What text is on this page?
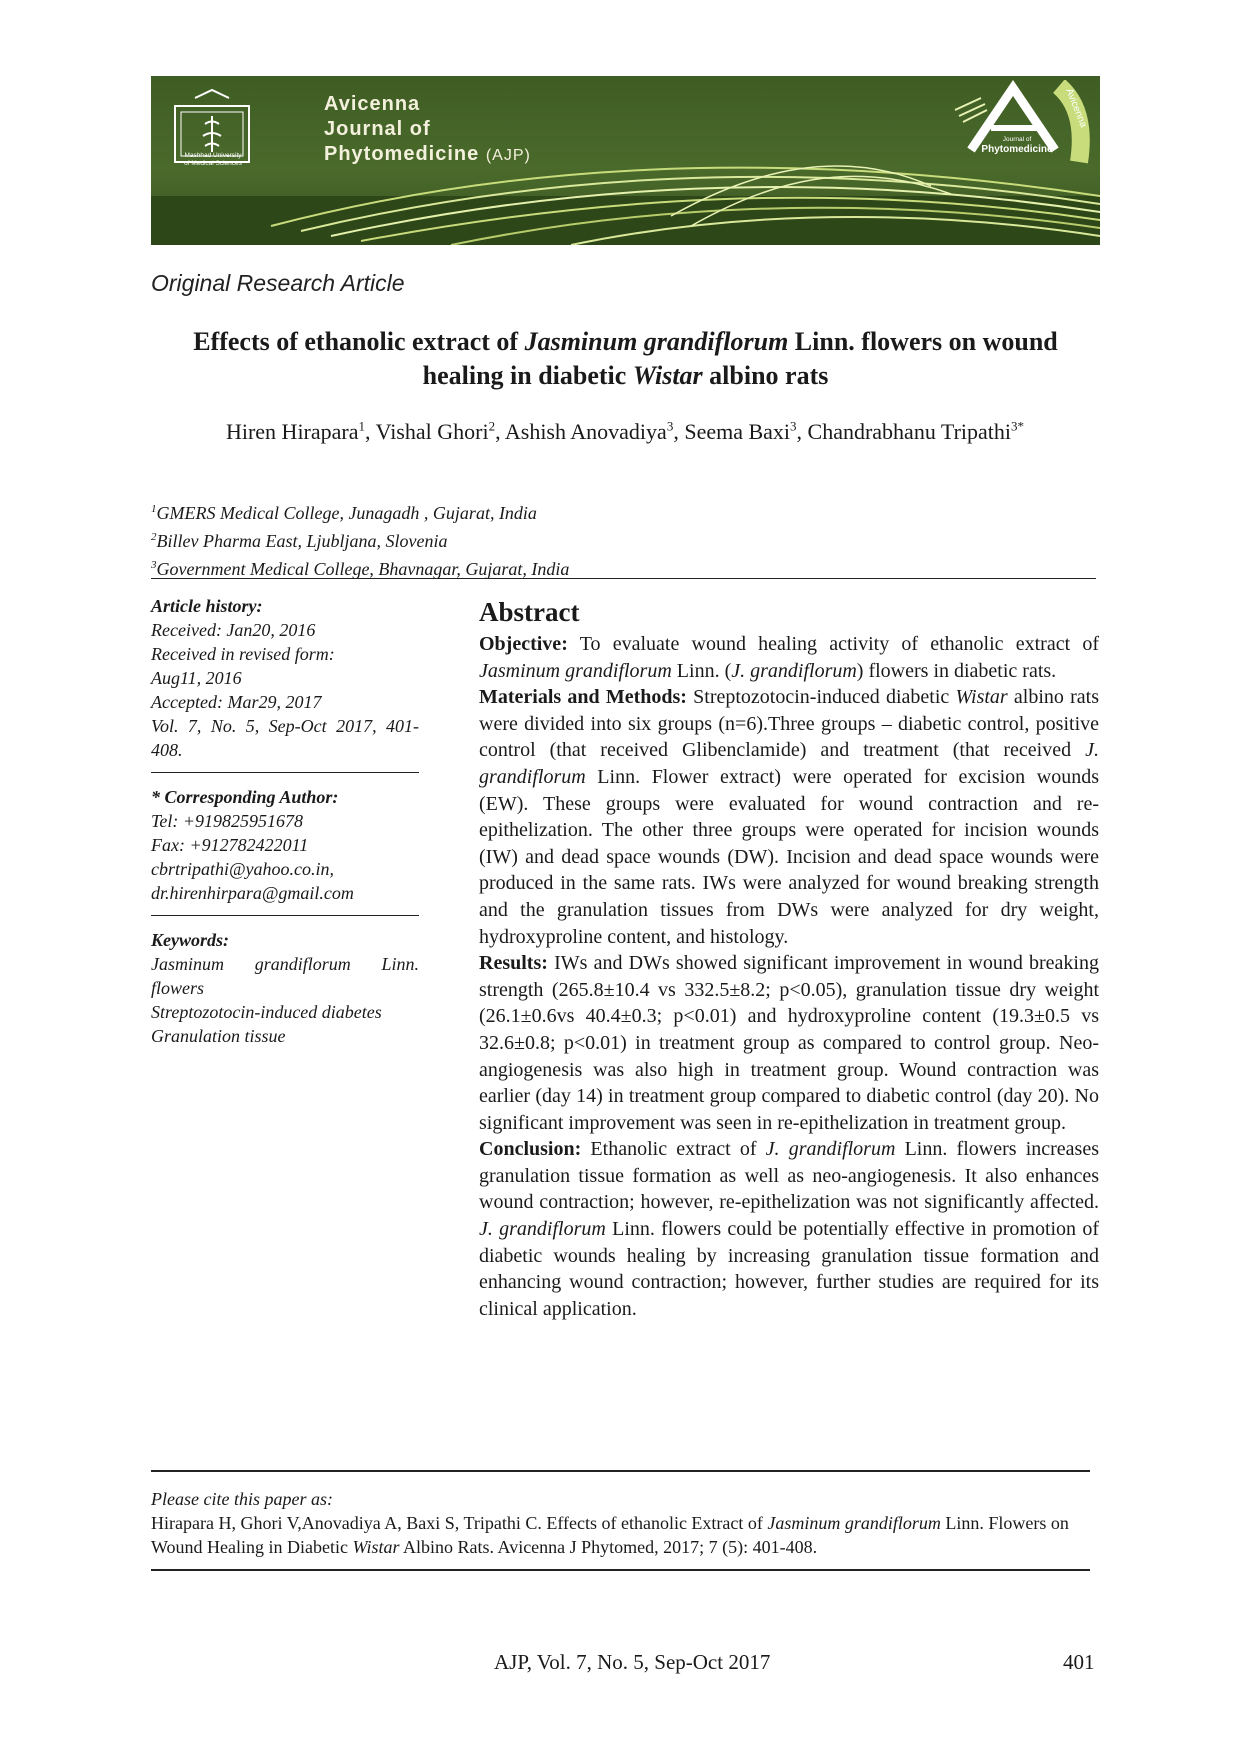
Mashhad University
of Medical Sciences
Avicenna
Journal of
Phytomedicine (AJP)
Avicenna
Journal of
Phytomedicine
Original Research Article
Effects of ethanolic extract of Jasminum grandiflorum Linn. flowers on wound healing in diabetic Wistar albino rats
Hiren Hirapara$^1$, Vishal Ghori$^2$, Ashish Anovadiya$^3$, Seema Baxi$^3$, Chandrabhanu Tripathi$^{3*}$
$^1$GMERS Medical College, Junagadh , Gujarat, India
$^2$Billev Pharma East, Ljubljana, Slovenia
$^3$Government Medical College, Bhavnagar, Gujarat, India
Article history:
Received: Jan20, 2016
Received in revised form:
Aug11, 2016
Accepted: Mar29, 2017
Vol. 7, No. 5, Sep-Oct 2017, 401-408.
* Corresponding Author:
Tel: +919825951678
Fax: +912782422011
cbrtripathi@yahoo.co.in,
dr.hirenhirpara@gmail.com
Keywords:
Jasminum grandiflorum Linn. flowers
Streptozotocin-induced diabetes
Granulation tissue
Abstract

Objective: To evaluate wound healing activity of ethanolic extract of Jasminum grandiflorum Linn. (J. grandiflorum) flowers in diabetic rats.

Materials and Methods: Streptozotocin-induced diabetic Wistar albino rats were divided into six groups (n=6).Three groups – diabetic control, positive control (that received Glibenclamide) and treatment (that received J. grandiflorum Linn. Flower extract) were operated for excision wounds (EW). These groups were evaluated for wound contraction and re-epithelization. The other three groups were operated for incision wounds (IW) and dead space wounds (DW). Incision and dead space wounds were produced in the same rats. IWs were analyzed for wound breaking strength and the granulation tissues from DWs were analyzed for dry weight, hydroxyproline content, and histology.

Results: IWs and DWs showed significant improvement in wound breaking strength (265.8±10.4 vs 332.5±8.2; p<0.05), granulation tissue dry weight (26.1±0.6vs 40.4±0.3; p<0.01) and hydroxyproline content (19.3±0.5 vs 32.6±0.8; p<0.01) in treatment group as compared to control group. Neo-angiogenesis was also high in treatment group. Wound contraction was earlier (day 14) in treatment group compared to diabetic control (day 20). No significant improvement was seen in re-epithelization in treatment group.

Conclusion: Ethanolic extract of J. grandiflorum Linn. flowers increases granulation tissue formation as well as neo-angiogenesis. It also enhances wound contraction; however, re-epithelization was not significantly affected. J. grandiflorum Linn. flowers could be potentially effective in promotion of diabetic wounds healing by increasing granulation tissue formation and enhancing wound contraction; however, further studies are required for its clinical application.

Please cite this paper as:
Hirapara H, Ghori V,Anovadiya A, Baxi S, Tripathi C. Effects of ethanolic Extract of Jasminum grandiflorum Linn. Flowers on Wound Healing in Diabetic Wistar Albino Rats. Avicenna J Phytomed, 2017; 7 (5): 401-408.
AJP, Vol. 7, No. 5, Sep-Oct 2017	401
